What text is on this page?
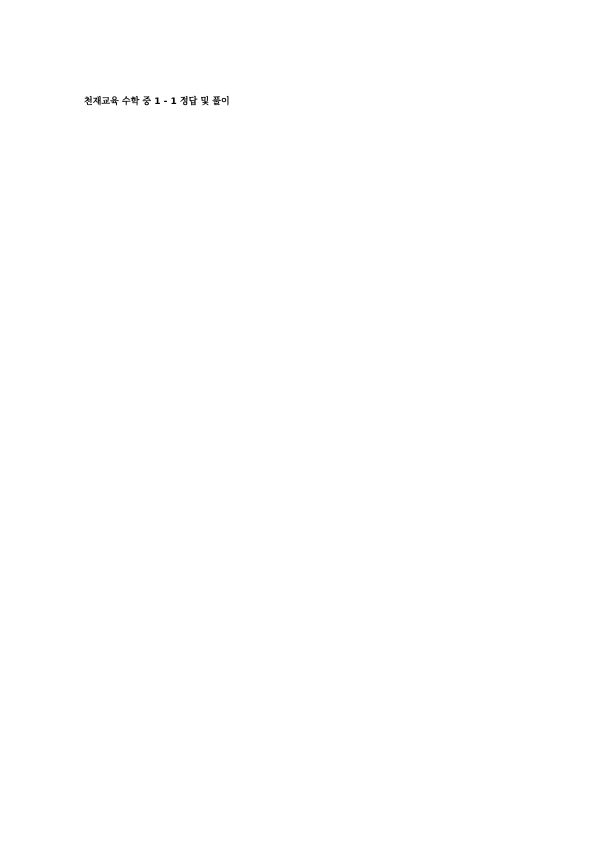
천재교육 수학 중 1 - 1 정답 및 풀이
